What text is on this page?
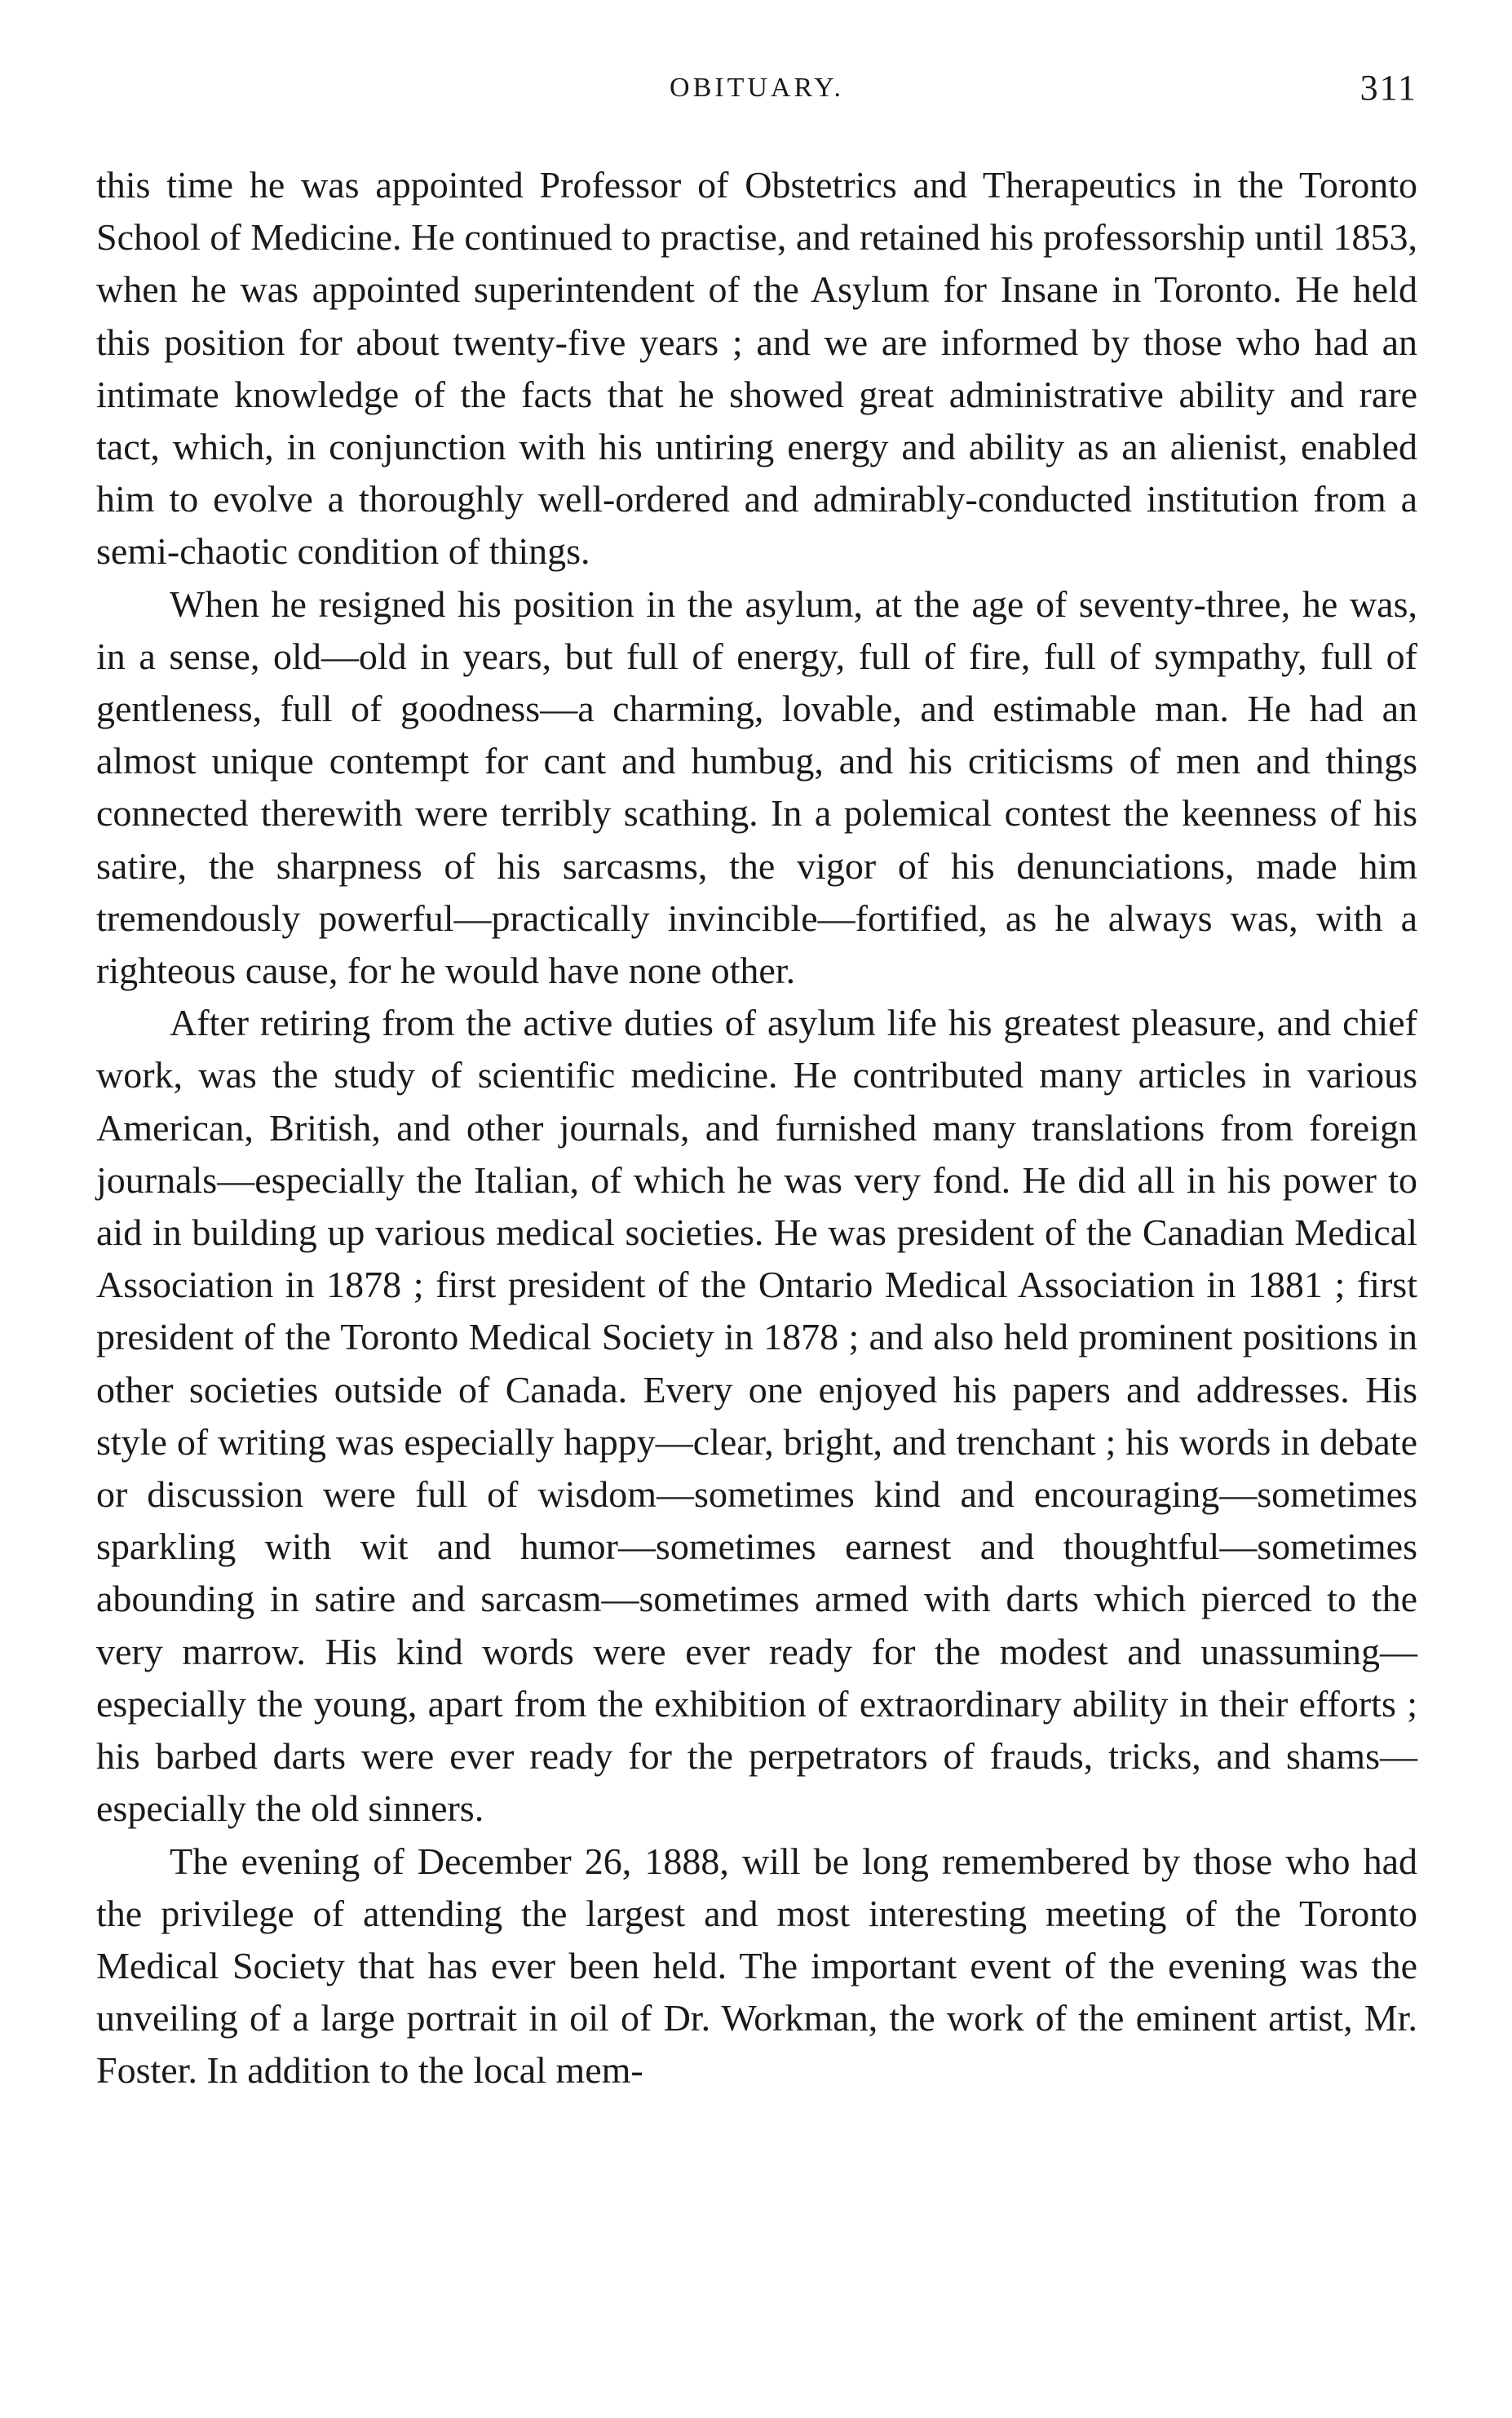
OBITUARY.	311

this time he was appointed Professor of Obstetrics and Therapeutics in the Toronto School of Medicine. He continued to practise, and retained his professorship until 1853, when he was appointed superintendent of the Asylum for Insane in Toronto. He held this position for about twenty-five years ; and we are informed by those who had an intimate knowledge of the facts that he showed great administrative ability and rare tact, which, in conjunction with his untiring energy and ability as an alienist, enabled him to evolve a thoroughly well-ordered and admirably-conducted institution from a semi-chaotic condition of things.

When he resigned his position in the asylum, at the age of seventy-three, he was, in a sense, old—old in years, but full of energy, full of fire, full of sympathy, full of gentleness, full of goodness—a charming, lovable, and estimable man. He had an almost unique contempt for cant and humbug, and his criticisms of men and things connected therewith were terribly scathing. In a polemical contest the keenness of his satire, the sharpness of his sarcasms, the vigor of his denunciations, made him tremendously powerful—practically invincible—fortified, as he always was, with a righteous cause, for he would have none other.

After retiring from the active duties of asylum life his greatest pleasure, and chief work, was the study of scientific medicine. He contributed many articles in various American, British, and other journals, and furnished many translations from foreign journals—especially the Italian, of which he was very fond. He did all in his power to aid in building up various medical societies. He was president of the Canadian Medical Association in 1878 ; first president of the Ontario Medical Association in 1881 ; first president of the Toronto Medical Society in 1878 ; and also held prominent positions in other societies outside of Canada. Every one enjoyed his papers and addresses. His style of writing was especially happy—clear, bright, and trenchant ; his words in debate or discussion were full of wisdom—sometimes kind and encouraging—sometimes sparkling with wit and humor—sometimes earnest and thoughtful—sometimes abounding in satire and sarcasm—sometimes armed with darts which pierced to the very marrow. His kind words were ever ready for the modest and unassuming—especially the young, apart from the exhibition of extraordinary ability in their efforts ; his barbed darts were ever ready for the perpetrators of frauds, tricks, and shams—especially the old sinners.

The evening of December 26, 1888, will be long remembered by those who had the privilege of attending the largest and most interesting meeting of the Toronto Medical Society that has ever been held. The important event of the evening was the unveiling of a large portrait in oil of Dr. Workman, the work of the eminent artist, Mr. Foster. In addition to the local mem-
